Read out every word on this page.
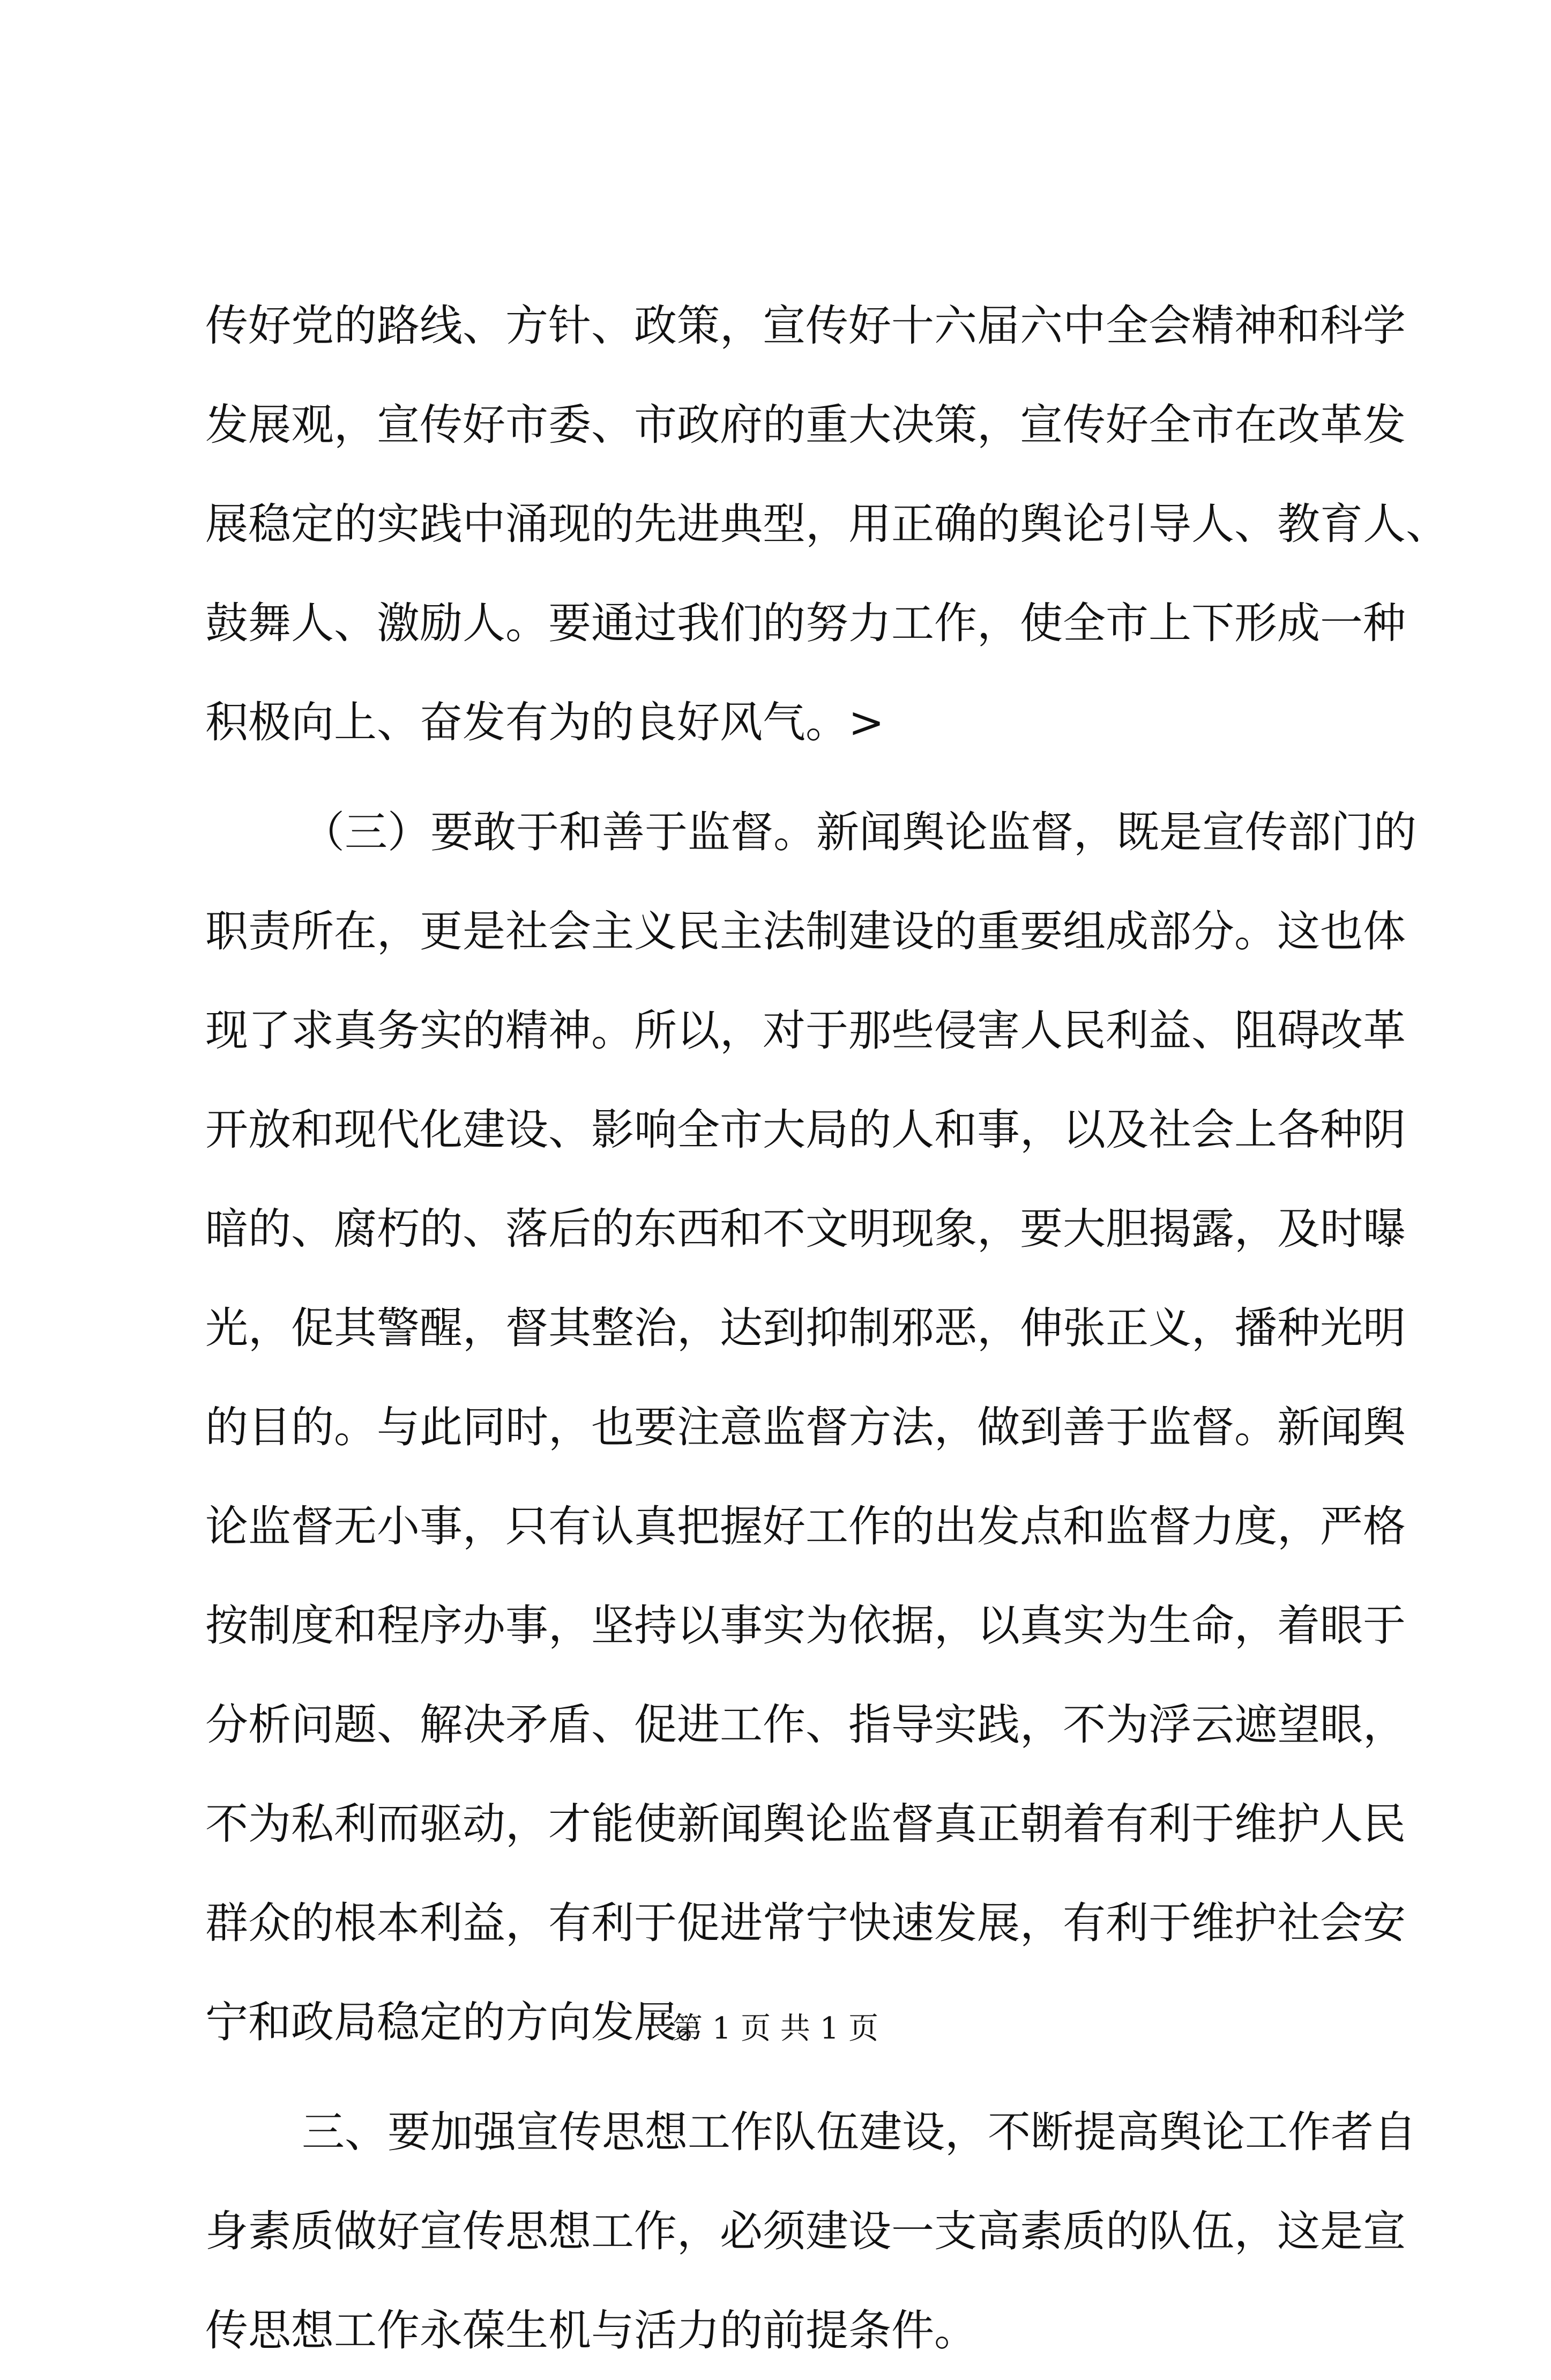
传好党的路线、方针、政策，宣传好十六届六中全会精神和科学
发展观，宣传好市委、市政府的重大决策，宣传好全市在改革发
展稳定的实践中涌现的先进典型，用正确的舆论引导人、教育人、
鼓舞人、激励人。要通过我们的努力工作，使全市上下形成一种
积极向上、奋发有为的良好风气。>
（三）要敢于和善于监督。新闻舆论监督，既是宣传部门的
职责所在，更是社会主义民主法制建设的重要组成部分。这也体
现了求真务实的精神。所以，对于那些侵害人民利益、阻碍改革
开放和现代化建设、影响全市大局的人和事，以及社会上各种阴
暗的、腐朽的、落后的东西和不文明现象，要大胆揭露，及时曝
光，促其警醒，督其整治，达到抑制邪恶，伸张正义，播种光明
的目的。与此同时，也要注意监督方法，做到善于监督。新闻舆
论监督无小事，只有认真把握好工作的出发点和监督力度，严格
按制度和程序办事，坚持以事实为依据，以真实为生命，着眼于
分析问题、解决矛盾、促进工作、指导实践，不为浮云遮望眼，
不为私利而驱动，才能使新闻舆论监督真正朝着有利于维护人民
群众的根本利益，有利于促进常宁快速发展，有利于维护社会安
宁和政局稳定的方向发展。
三、要加强宣传思想工作队伍建设，不断提高舆论工作者自
身素质做好宣传思想工作，必须建设一支高素质的队伍，这是宣
传思想工作永葆生机与活力的前提条件。
第 1 页 共 1 页
